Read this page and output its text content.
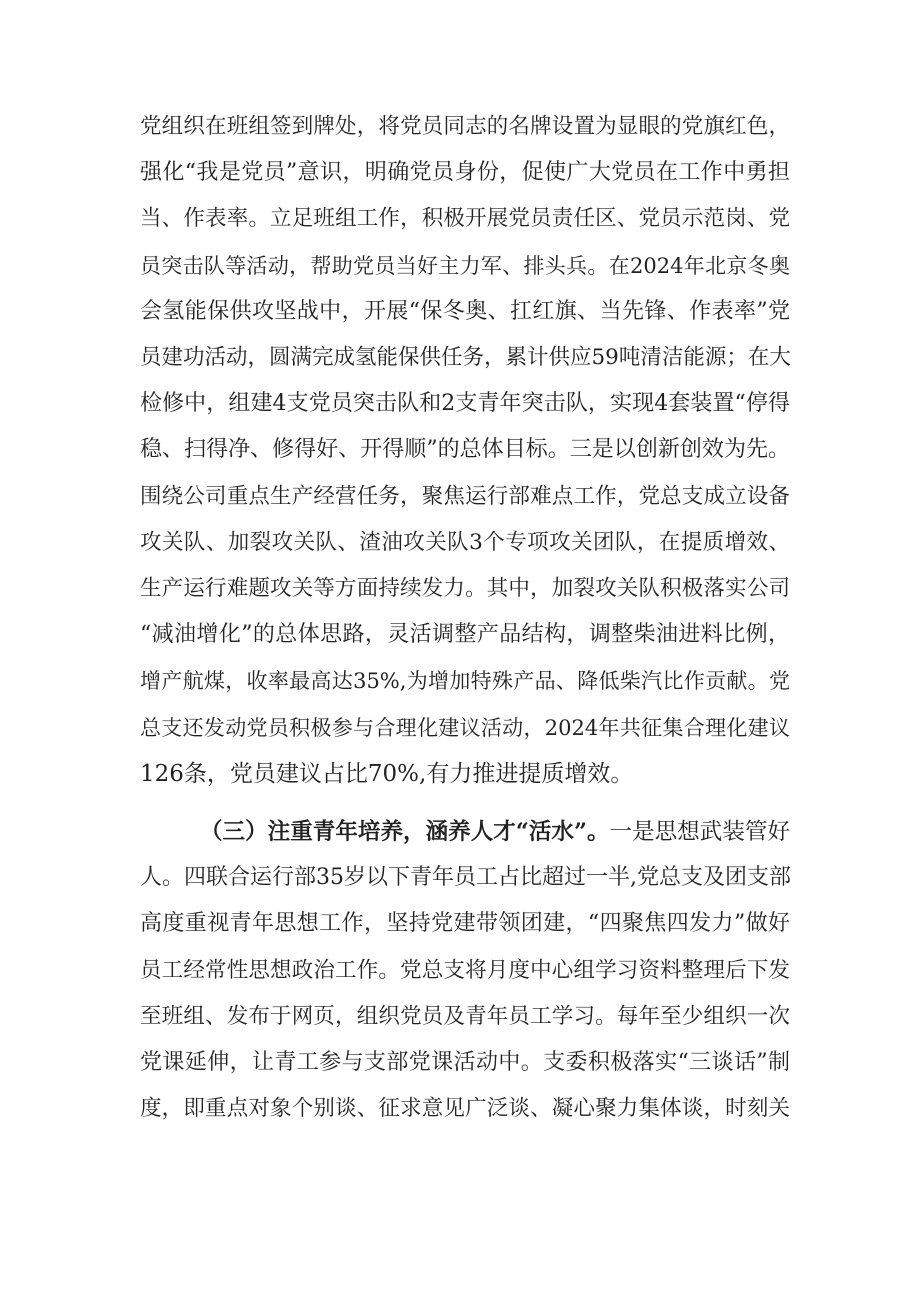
党组织在班组签到牌处，将党员同志的名牌设置为显眼的党旗红色，
强化“我是党员”意识，明确党员身份，促使广大党员在工作中勇担
当、作表率。立足班组工作，积极开展党员责任区、党员示范岗、党
员突击队等活动，帮助党员当好主力军、排头兵。在2024年北京冬奥
会氢能保供攻坚战中，开展“保冬奥、扛红旗、当先锋、作表率”党
员建功活动，圆满完成氢能保供任务，累计供应59吨清洁能源；在大
检修中，组建4支党员突击队和2支青年突击队，实现4套装置“停得
稳、扫得净、修得好、开得顺”的总体目标。三是以创新创效为先。
围绕公司重点生产经营任务，聚焦运行部难点工作，党总支成立设备
攻关队、加裂攻关队、渣油攻关队3个专项攻关团队，在提质增效、
生产运行难题攻关等方面持续发力。其中，加裂攻关队积极落实公司
“减油增化”的总体思路，灵活调整产品结构，调整柴油进料比例，
增产航煤，收率最高达35%,为增加特殊产品、降低柴汽比作贡献。党
总支还发动党员积极参与合理化建议活动，2024年共征集合理化建议
126条，党员建议占比70%,有力推进提质增效。
（三）注重青年培养，涵养人才“活水”。一是思想武装管好
人。四联合运行部35岁以下青年员工占比超过一半,党总支及团支部
高度重视青年思想工作，坚持党建带领团建，“四聚焦四发力”做好
员工经常性思想政治工作。党总支将月度中心组学习资料整理后下发
至班组、发布于网页，组织党员及青年员工学习。每年至少组织一次
党课延伸，让青工参与支部党课活动中。支委积极落实“三谈话”制
度，即重点对象个别谈、征求意见广泛谈、凝心聚力集体谈，时刻关
